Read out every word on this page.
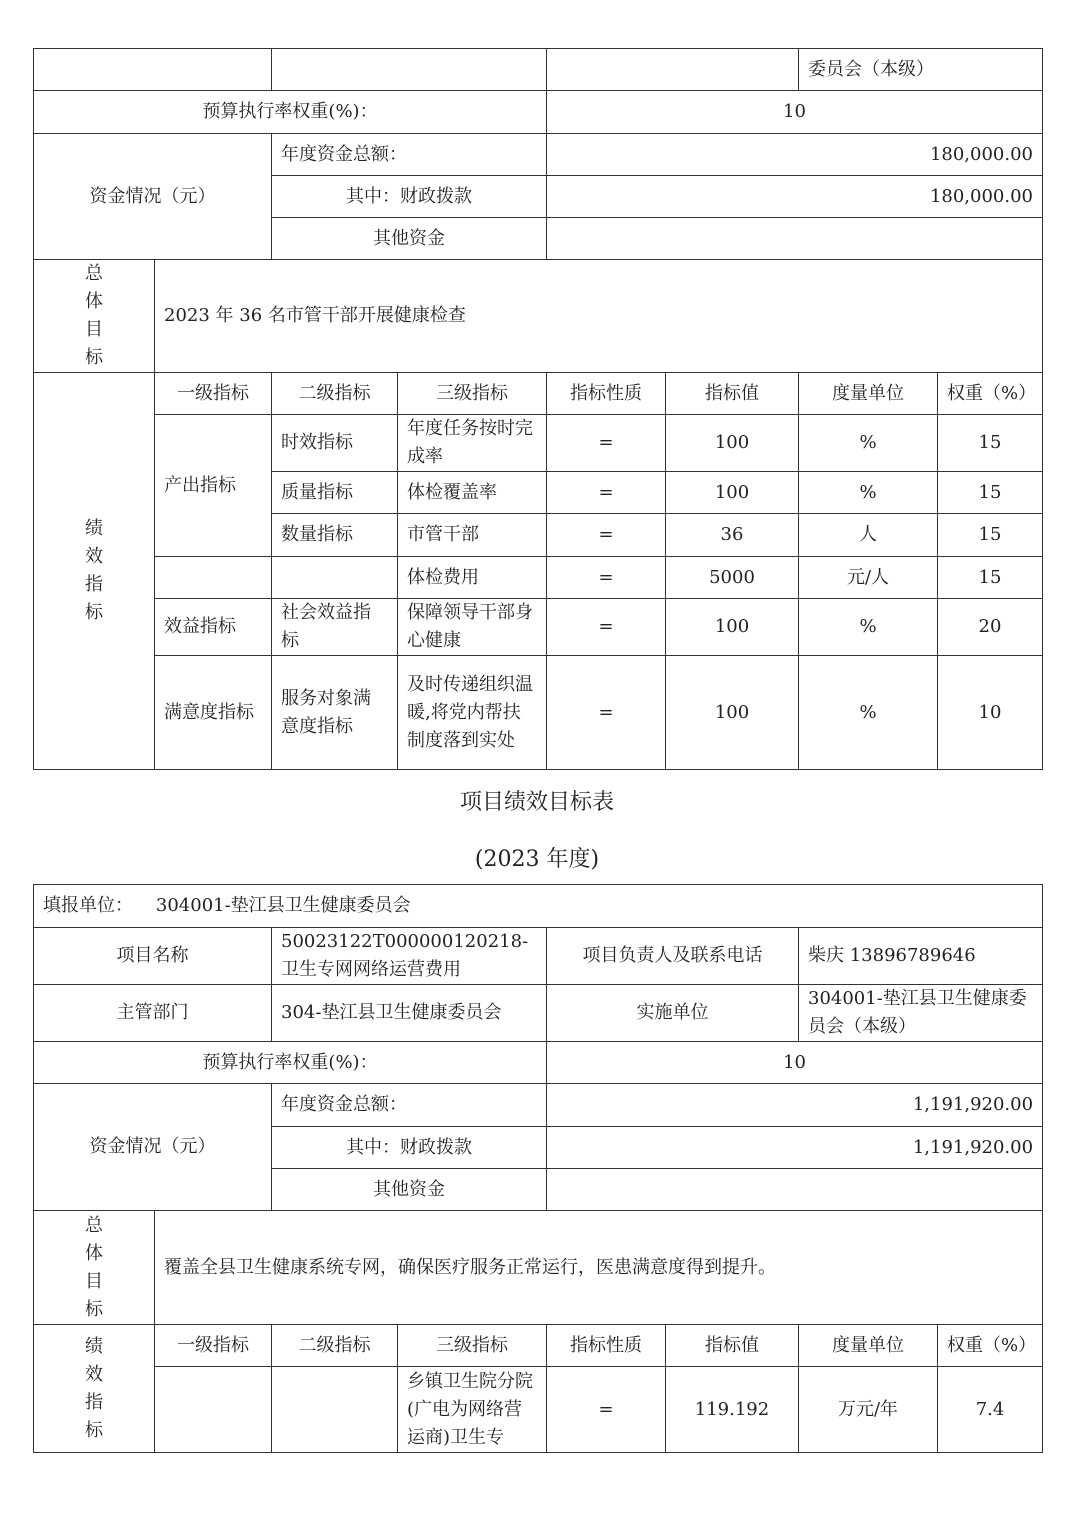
						委员会（本级）	
预算执行率权重(%)：				10			
资金情况（元）		年度资金总额：		180,000.00			
		其中：财政拨款		180,000.00			
		其他资金					

总
体
目
标	2023 年 36 名市管干部开展健康检查						

绩
效
指
标	一级指标	二级指标	三级指标	指标性质	指标值	度量单位	权重（%）
	产出指标	时效指标	年度任务按时完成率	=	100	%	15
		质量指标	体检覆盖率	=	100	%	15
		数量指标	市管干部	=	36	人	15
			体检费用	=	5000	元/人	15
	效益指标	社会效益指标	保障领导干部身心健康	=	100	%	20
	满意度指标	服务对象满意度指标	及时传递组织温暖,将党内帮扶制度落到实处	=	100	%	10
项目绩效目标表
(2023 年度)
填报单位： 304001-垫江县卫生健康委员会							
项目名称		50023122T000000120218-卫生专网网络运营费用		项目负责人及联系电话		柴庆 13896789646	
主管部门		304-垫江县卫生健康委员会		实施单位		304001-垫江县卫生健康委员会（本级）	
预算执行率权重(%)：				10			
资金情况（元）		年度资金总额：		1,191,920.00			
		其中：财政拨款		1,191,920.00			
		其他资金					

总
体
目
标	覆盖全县卫生健康系统专网，确保医疗服务正常运行，医患满意度得到提升。						

绩
效
指
标	一级指标	二级指标	三级指标	指标性质	指标值	度量单位	权重（%）
			乡镇卫生院分院(广电为网络营运商)卫生专	=	119.192	万元/年	7.4
